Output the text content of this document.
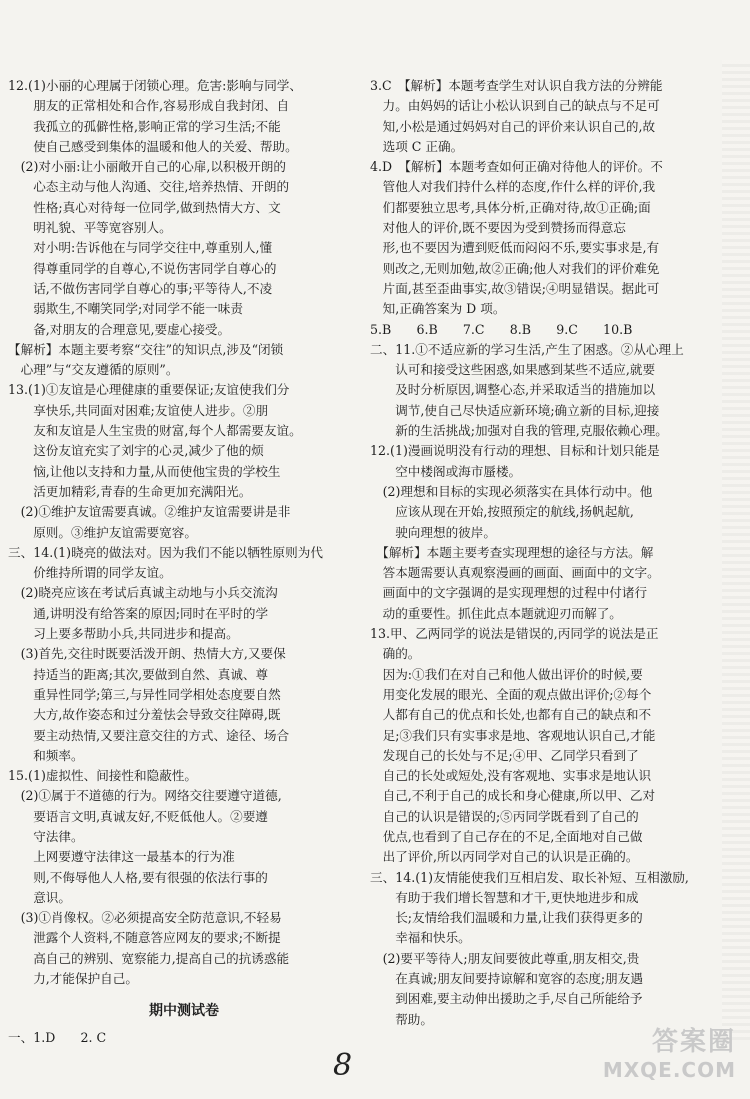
12.(1)小丽的心理属于闭锁心理。危害:影响与同学、

　　朋友的正常相处和合作,容易形成自我封闭、自

　　我孤立的孤僻性格,影响正常的学习生活;不能

　　使自己感受到集体的温暖和他人的关爱、帮助。

　(2)对小丽:让小丽敞开自己的心扉,以积极开朗的

　　心态主动与他人沟通、交往,培养热情、开朗的

　　性格;真心对待每一位同学,做到热情大方、文

　　明礼貌、平等宽容别人。

　　对小明:告诉他在与同学交往中,尊重别人,懂

　　得尊重同学的自尊心,不说伤害同学自尊心的

　　话,不做伤害同学自尊心的事;平等待人,不凌

　　弱欺生,不嘲笑同学;对同学不能一味责

　　备,对朋友的合理意见,要虚心接受。

【解析】本题主要考察“交往”的知识点,涉及“闭锁

　心理”与“交友遵循的原则”。

13.(1)①友谊是心理健康的重要保证;友谊使我们分

　　享快乐,共同面对困难;友谊使人进步。②朋

　　友和友谊是人生宝贵的财富,每个人都需要友谊。

　　这份友谊充实了刘宇的心灵,减少了他的烦

　　恼,让他以支持和力量,从而使他宝贵的学校生

　　活更加精彩,青春的生命更加充满阳光。

　(2)①维护友谊需要真诚。②维护友谊需要讲是非

　　原则。③维护友谊需要宽容。

三、14.(1)晓亮的做法对。因为我们不能以牺牲原则为代

　　价维持所谓的同学友谊。

　(2)晓亮应该在考试后真诚主动地与小兵交流沟

　　通,讲明没有给答案的原因;同时在平时的学

　　习上要多帮助小兵,共同进步和提高。

　(3)首先,交往时既要活泼开朗、热情大方,又要保

　　持适当的距离;其次,要做到自然、真诚、尊

　　重异性同学;第三,与异性同学相处态度要自然

　　大方,故作姿态和过分羞怯会导致交往障碍,既

　　要主动热情,又要注意交往的方式、途径、场合

　　和频率。

15.(1)虚拟性、间接性和隐蔽性。

　(2)①属于不道德的行为。网络交往要遵守道德,

　　要语言文明,真诚友好,不贬低他人。②要遵

　　守法律。

　　上网要遵守法律这一最基本的行为准

　　则,不侮辱他人人格,要有很强的依法行事的

　　意识。

　(3)①肖像权。②必须提高安全防范意识,不轻易

　　泄露个人资料,不随意答应网友的要求;不断提

　　高自己的辨别、宽察能力,提高自己的抗诱惑能

　　力,才能保护自己。

期中测试卷

一、1.D　　2. C

3.C　【解析】本题考查学生对认识自我方法的分辨能

　力。由妈妈的话让小松认识到自己的缺点与不足可

　知,小松是通过妈妈对自己的评价来认识自己的,故

　选项 C 正确。

4.D　【解析】本题考查如何正确对待他人的评价。不

　管他人对我们持什么样的态度,作什么样的评价,我

　们都要独立思考,具体分析,正确对待,故①正确;面

　对他人的评价,既不要因为受到赞扬而得意忘

　形,也不要因为遭到贬低而闷闷不乐,要实事求是,有

　则改之,无则加勉,故②正确;他人对我们的评价难免

　片面,甚至歪曲事实,故③错误;④明显错误。据此可

　知,正确答案为 D 项。

5.B　　6.B　　7.C　　8.B　　9.C　　10.B

二、11.①不适应新的学习生活,产生了困惑。②从心理上

　　认可和接受这些困惑,如果感到某些不适应,就要

　　及时分析原因,调整心态,并采取适当的措施加以

　　调节,使自己尽快适应新环境;确立新的目标,迎接

　　新的生活挑战;加强对自我的管理,克服依赖心理。

12.(1)漫画说明没有行动的理想、目标和计划只能是

　　空中楼阁或海市蜃楼。

　(2)理想和目标的实现必须落实在具体行动中。他

　　应该从现在开始,按照预定的航线,扬帆起航,

　　驶向理想的彼岸。

　【解析】本题主要考查实现理想的途径与方法。解

　答本题需要认真观察漫画的画面、画面中的文字。

　画面中的文字强调的是实现理想的过程中付诸行

　动的重要性。抓住此点本题就迎刃而解了。

13.甲、乙两同学的说法是错误的,丙同学的说法是正

　确的。

　因为:①我们在对自己和他人做出评价的时候,要

　用变化发展的眼光、全面的观点做出评价;②每个

　人都有自己的优点和长处,也都有自己的缺点和不

　足;③我们只有实事求是地、客观地认识自己,才能

　发现自己的长处与不足;④甲、乙同学只看到了

　自己的长处或短处,没有客观地、实事求是地认识

　自己,不利于自己的成长和身心健康,所以甲、乙对

　自己的认识是错误的;⑤丙同学既看到了自己的

　优点,也看到了自己存在的不足,全面地对自己做

　出了评价,所以丙同学对自己的认识是正确的。

三、14.(1)友情能使我们互相启发、取长补短、互相激励,

　　有助于我们增长智慧和才干,更快地进步和成

　　长;友情给我们温暖和力量,让我们获得更多的

　　幸福和快乐。

　(2)要平等待人;朋友间要彼此尊重,朋友相交,贵

　　在真诚;朋友间要持谅解和宽容的态度;朋友遇

　　到困难,要主动伸出援助之手,尽自己所能给予

　　帮助。

8
答案圈
MXQE.COM
